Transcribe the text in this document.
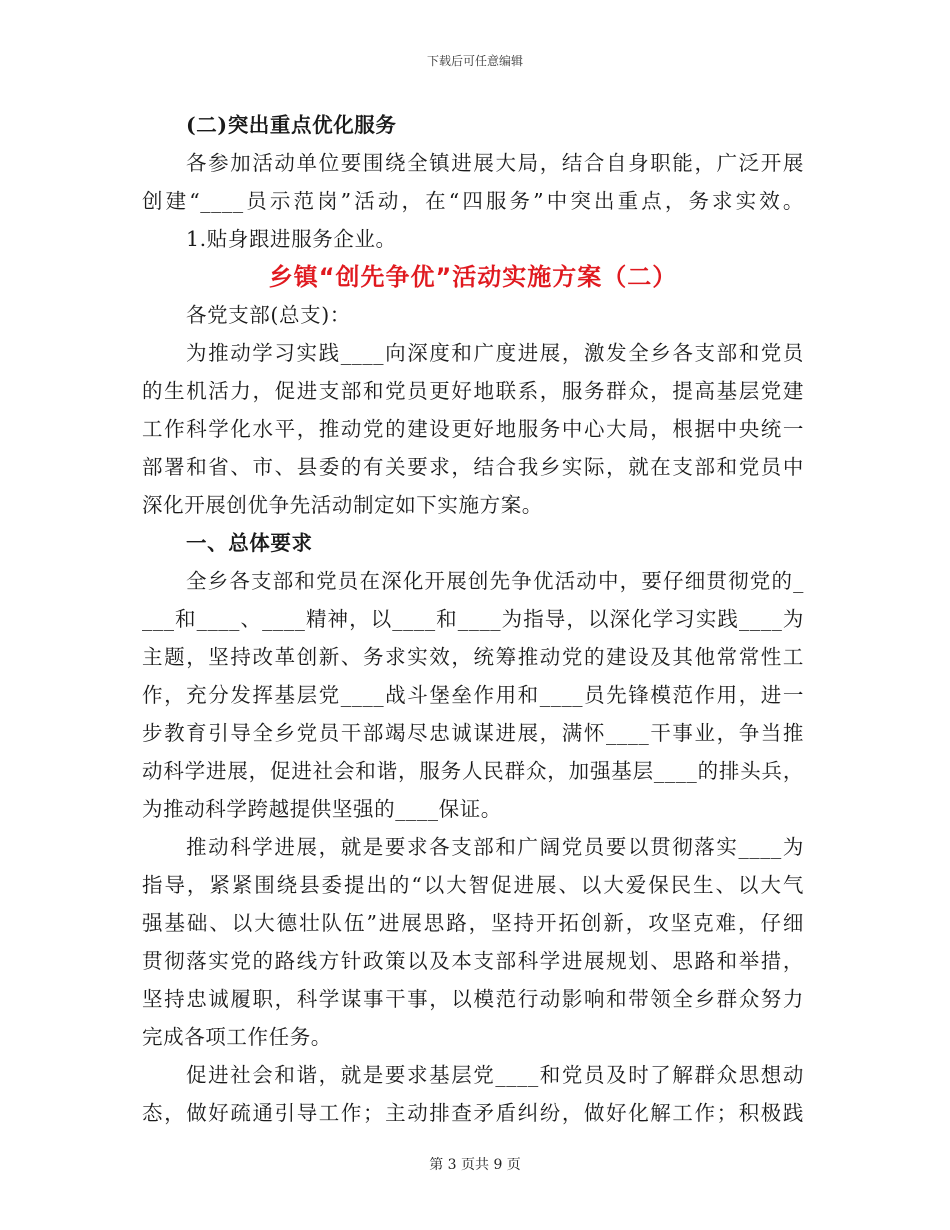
下载后可任意编辑
(二)突出重点优化服务
各参加活动单位要围绕全镇进展大局，结合自身职能，广泛开展
创建“____员示范岗”活动，在“四服务”中突出重点，务求实效。
1.贴身跟进服务企业。
乡镇“创先争优”活动实施方案（二）
各党支部(总支)：
为推动学习实践____向深度和广度进展，激发全乡各支部和党员
的生机活力，促进支部和党员更好地联系，服务群众，提高基层党建
工作科学化水平，推动党的建设更好地服务中心大局，根据中央统一
部署和省、市、县委的有关要求，结合我乡实际，就在支部和党员中
深化开展创优争先活动制定如下实施方案。
一、总体要求
全乡各支部和党员在深化开展创先争优活动中，要仔细贯彻党的_
___和____、____精神，以____和____为指导，以深化学习实践____为
主题，坚持改革创新、务求实效，统筹推动党的建设及其他常常性工
作，充分发挥基层党____战斗堡垒作用和____员先锋模范作用，进一
步教育引导全乡党员干部竭尽忠诚谋进展，满怀____干事业，争当推
动科学进展，促进社会和谐，服务人民群众，加强基层____的排头兵，
为推动科学跨越提供坚强的____保证。
推动科学进展，就是要求各支部和广阔党员要以贯彻落实____为
指导，紧紧围绕县委提出的“以大智促进展、以大爱保民生、以大气
强基础、以大德壮队伍”进展思路，坚持开拓创新，攻坚克难，仔细
贯彻落实党的路线方针政策以及本支部科学进展规划、思路和举措，
坚持忠诚履职，科学谋事干事，以模范行动影响和带领全乡群众努力
完成各项工作任务。
促进社会和谐，就是要求基层党____和党员及时了解群众思想动
态，做好疏通引导工作；主动排查矛盾纠纷，做好化解工作；积极践
第 3 页共 9 页
